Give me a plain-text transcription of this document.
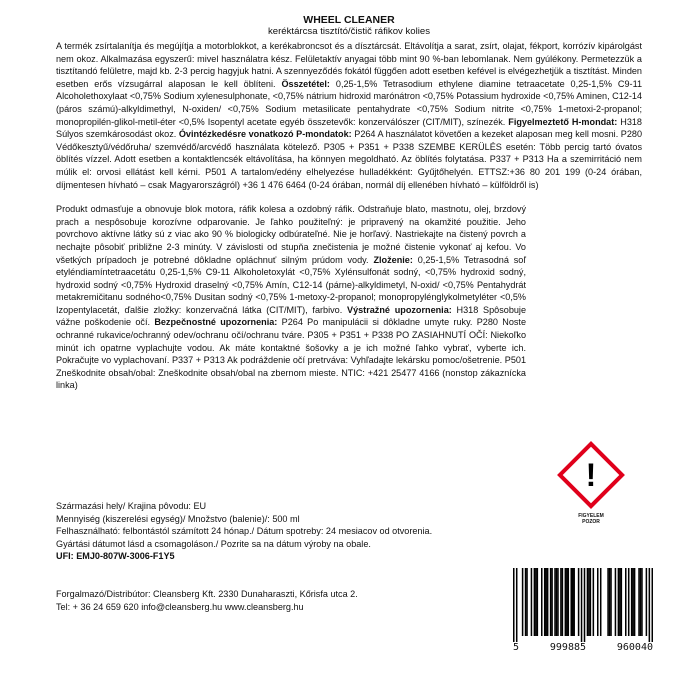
WHEEL CLEANER
keréktárcsa tisztító/čistič ráfikov kolies

A termék zsírtalanítja és megújítja a motorblokkot, a kerékabroncsot és a dísztárcsát. Eltávolítja a sarat, zsírt, olajat, fékport, korrózív kipárolgást nem okoz. Alkalmazása egyszerű: mivel használatra kész. Felületaktív anyagai több mint 90 %-ban lebomlanak. Nem gyúlékony. Permetezzük a tisztítandó felületre, majd kb. 2-3 percig hagyjuk hatni. A szennyeződés fokától függően adott esetben kefével is elvégezhetjük a tisztítást. Minden esetben erős vízsugárral alaposan le kell öblíteni. Összetétel: 0,25-1,5% Tetrasodium ethylene diamine tetraacetate 0,25-1,5% C9-11 Alcoholethoxylaat <0,75% Sodium xylenesulphonate, <0,75% nátrium hidroxid marónátron <0,75% Potassium hydroxide <0,75% Aminen, C12-14 (páros számú)-alkyldimethyl, N-oxiden/ <0,75% Sodium metasilicate pentahydrate <0,75% Sodium nitrite <0,75% 1-metoxi-2-propanol; monopropilén-glikol-metil-éter <0,5% Isopentyl acetate egyéb összetevők: konzerválószer (CIT/MIT), színezék. Figyelmeztető H-mondat: H318 Súlyos szemkárosodást okoz. Óvintézkedésre vonatkozó P-mondatok: P264 A használatot követően a kezeket alaposan meg kell mosni. P280 Védőkesztyű/védőruha/ szemvédő/arcvédő használata kötelező. P305 + P351 + P338 SZEMBE KERÜLÉS esetén: Több percig tartó óvatos öblítés vízzel. Adott esetben a kontaktlencsék eltávolítása, ha könnyen megoldható. Az öblítés folytatása. P337 + P313 Ha a szemirritáció nem múlik el: orvosi ellátást kell kérni. P501 A tartalom/edény elhelyezése hulladékként: Gyűjtőhelyén. ETTSZ:+36 80 201 199 (0-24 órában, díjmentesen hívható – csak Magyarországról) +36 1 476 6464 (0-24 órában, normál díj ellenében hívható – külföldről is)

Produkt odmasťuje a obnovuje blok motora, ráfik kolesa a ozdobný ráfik. Odstraňuje blato, mastnotu, olej, brzdový prach a nespôsobuje korozívne odparovanie. Je ľahko použiteľný: je pripravený na okamžité použitie. Jeho povrchovo aktívne látky sú z viac ako 90 % biologicky odbúrateľné. Nie je horľavý. Nastriekajte na čistený povrch a nechajte pôsobiť približne 2-3 minúty. V závislosti od stupňa znečistenia je možné čistenie vykonať aj kefou. Vo všetkých prípadoch je potrebné dôkladne opláchnuť silným prúdom vody. Zloženie: 0,25-1,5% Tetrasodná soľ etyléndiamíntetraacetátu 0,25-1,5% C9-11 Alkoholetoxylát <0,75% Xylénsulfonát sodný, <0,75% hydroxid sodný, hydroxid sodný <0,75% Hydroxid draselný <0,75% Amín, C12-14 (párne)-alkyldimetyl, N-oxid/ <0,75% Pentahydrát metakremičitanu sodného<0,75% Dusitan sodný <0,75% 1-metoxy-2-propanol; monopropylénglykolmetyléter <0,5% Izopentylacetát, ďalšie zložky: konzervačná látka (CIT/MIT), farbivo. Výstražné upozornenia: H318 Spôsobuje vážne poškodenie očí. Bezpečnostné upozornenia: P264 Po manipulácii si dôkladne umyte ruky. P280 Noste ochranné rukavice/ochranný odev/ochranu očí/ochranu tváre. P305 + P351 + P338 PO ZASIAHNUTÍ OČÍ: Niekoľko minút ich opatrne vyplachujte vodou. Ak máte kontaktné šošovky a je ich možné ľahko vybrať, vyberte ich. Pokračujte vo vyplachovaní. P337 + P313 Ak podráždenie očí pretrváva: Vyhľadajte lekársku pomoc/ošetrenie. P501 Zneškodnite obsah/obal: Zneškodnite obsah/obal na zbernom mieste. NTIC: +421 25477 4166 (nonstop zákaznícka linka)

!
FIGYELEM
POZOR
Származási hely/ Krajina pôvodu: EU
Mennyiség (kiszerelési egység)/ Množstvo (balenie)/: 500 ml
Felhasználható: felbontástól számított 24 hónap./ Dátum spotreby: 24 mesiacov od otvorenia.
Gyártási dátumot lásd a csomagoláson./ Pozrite sa na dátum výroby na obale.
UFI: EMJ0-807W-3006-F1Y5
Forgalmazó/Distribútor: Cleansberg Kft. 2330 Dunaharaszti, Kőrisfa utca 2.
Tel: + 36 24 659 620 info@cleansberg.hu www.cleansberg.hu
5	999885	960040
